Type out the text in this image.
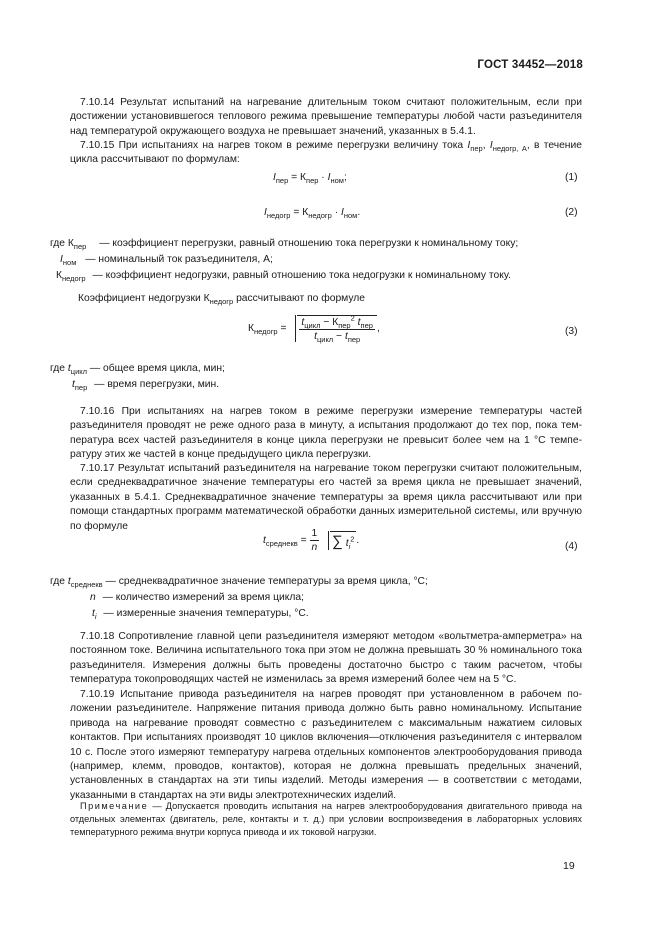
ГОСТ 34452—2018

7.10.14 Результат испытаний на нагревание длительным током считают положительным, если при достижении установившегося теплового режима превышение температуры любой части разъединителя над температурой окружающего воздуха не превышает значений, указанных в 5.4.1.

7.10.15 При испытаниях на нагрев током в режиме перегрузки величину тока $I_{пер}$, $I_{недогр, А}$, в течение цикла рассчитывают по формулам:

$I_{пер} = К_{пер} \cdot I_{ном}$;	(1)
$I_{недогр} = К_{недогр} \cdot I_{ном}$.	(2)
где $К_{пер}$ — коэффициент перегрузки, равный отношению тока перегрузки к номинальному току;
$I_{ном}$ — номинальный ток разъединителя, А;
$К_{недогр}$ — коэффициент недогрузки, равный отношению тока недогрузки к номинальному току.
Коэффициент недогрузки $К_{недогр}$ рассчитывают по формуле
$К_{недогр} = \frac{t_{цикл} - К_{пер}^2 t_{пер}}{t_{цикл} - t_{пер}}$ ,	(3)
где $t_{цикл}$ — общее время цикла, мин;
$t_{пер}$ — время перегрузки, мин.

7.10.16 При испытаниях на нагрев током в режиме перегрузки измерение температуры частей разъединителя проводят не реже одного раза в минуту, а испытания продолжают до тех пор, пока температура всех частей разъединителя в конце цикла перегрузки не превысит более чем на 1 °С температуру этих же частей в конце предыдущего цикла перегрузки.

7.10.17 Результат испытаний разъединителя на нагревание током перегрузки считают положительным, если среднеквадратичное значение температуры его частей за время цикла не превышает значений, указанных в 5.4.1. Среднеквадратичное значение температуры за время цикла рассчитывают или при помощи стандартных программ математической обработки данных измерительной системы, или вручную по формуле

$t_{среднекв} = \frac{1}{n}$ ∑ $t_i^2$ .
(4)
где $t_{среднекв}$ — среднеквадратичное значение температуры за время цикла, °С;
n — количество измерений за время цикла;
$t_i$ — измеренные значения температуры, °С.

7.10.18 Сопротивление главной цепи разъединителя измеряют методом «вольтметра-амперметра» на постоянном токе. Величина испытательного тока при этом не должна превышать 30 % номинального тока разъединителя. Измерения должны быть проведены достаточно быстро с таким расчетом, чтобы температура токопроводящих частей не изменилась за время измерений более чем на 5 °С.

7.10.19 Испытание привода разъединителя на нагрев проводят при установленном в рабочем положении разъединителе. Напряжение питания привода должно быть равно номинальному. Испытание привода на нагревание проводят совместно с разъединителем с максимальным нажатием силовых контактов. При испытаниях производят 10 циклов включения—отключения разъединителя с интервалом 10 с. После этого измеряют температуру нагрева отдельных компонентов электрооборудования привода (например, клемм, проводов, контактов), которая не должна превышать предельных значений, установленных в стандартах на эти типы изделий. Методы измерения — в соответствии с методами, указанными в стандартах на эти виды электротехнических изделий.

Примечание — Допускается проводить испытания на нагрев электрооборудования двигательного привода на отдельных элементах (двигатель, реле, контакты и т. д.) при условии воспроизведения в лабораторных условиях температурного режима внутри корпуса привода и их токовой нагрузки.
19
